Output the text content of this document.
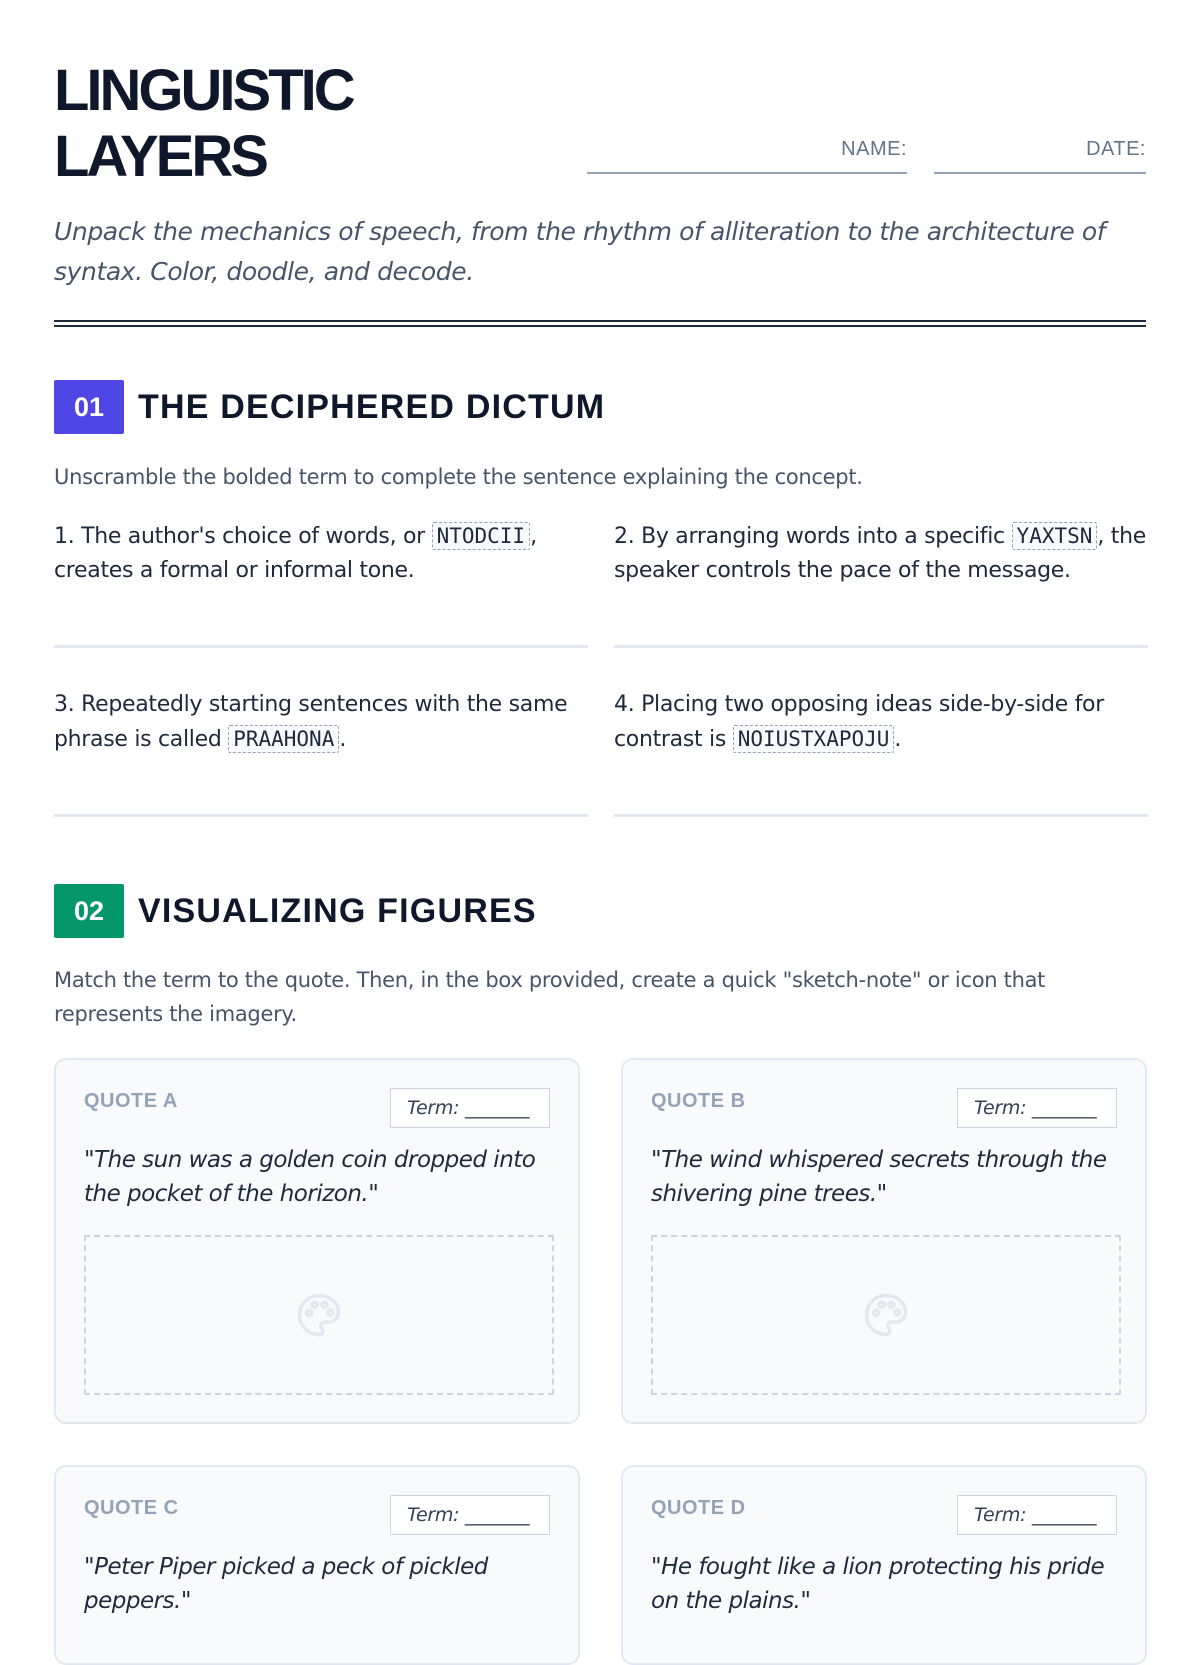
LINGUISTIC
LAYERS	NAME:	DATE:

Unpack the mechanics of speech, from the rhythm of alliteration to the architecture of syntax. Color, doodle, and decode.

01 THE DECIPHERED DICTUM

Unscramble the bolded term to complete the sentence explaining the concept.

1. The author's choice of words, or NTODCII , creates a formal or informal tone.

2. By arranging words into a specific YAXTSN , the speaker controls the pace of the message.

3. Repeatedly starting sentences with the same phrase is called PRAAHONA .

4. Placing two opposing ideas side-by-side for contrast is NOIUSTXAPOJU .

02 VISUALIZING FIGURES

Match the term to the quote. Then, in the box provided, create a quick "sketch-note" or icon that represents the imagery.

QUOTE A	Term: _______

"The sun was a golden coin dropped into the pocket of the horizon."

QUOTE B	Term: _______

"The wind whispered secrets through the shivering pine trees."

QUOTE C	Term: _______

"Peter Piper picked a peck of pickled peppers."

QUOTE D	Term: _______

"He fought like a lion protecting his pride on the plains."
